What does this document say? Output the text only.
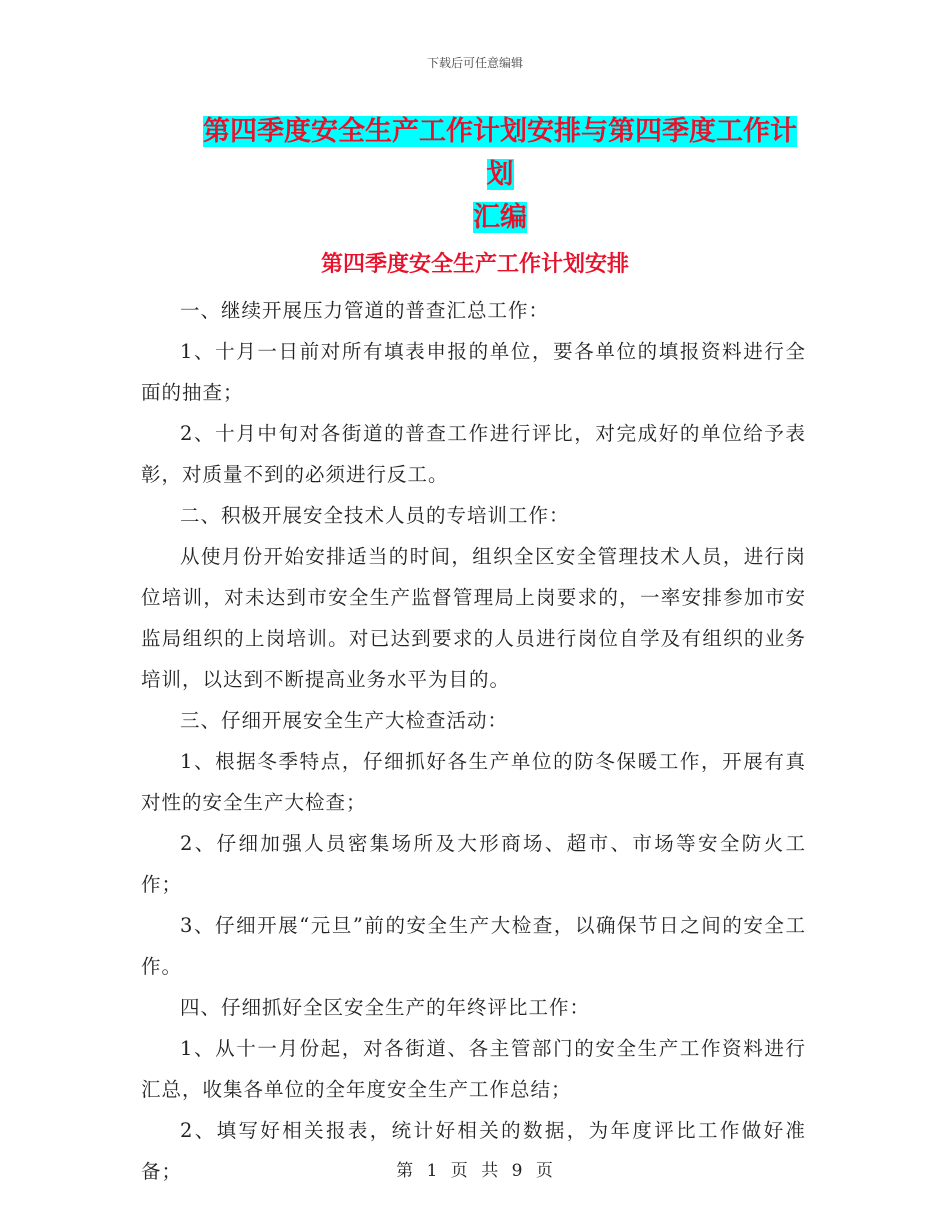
下载后可任意编辑
第四季度安全生产工作计划安排与第四季度工作计划
汇编
第四季度安全生产工作计划安排

一、继续开展压力管道的普查汇总工作：

1、十月一日前对所有填表申报的单位，要各单位的填报资料进行全面的抽查；

2、十月中旬对各街道的普查工作进行评比，对完成好的单位给予表彰，对质量不到的必须进行反工。

二、积极开展安全技术人员的专培训工作：

从使月份开始安排适当的时间，组织全区安全管理技术人员，进行岗位培训，对未达到市安全生产监督管理局上岗要求的，一率安排参加市安监局组织的上岗培训。对已达到要求的人员进行岗位自学及有组织的业务培训，以达到不断提高业务水平为目的。

三、仔细开展安全生产大检查活动：

1、根据冬季特点，仔细抓好各生产单位的防冬保暖工作，开展有真对性的安全生产大检查；

2、仔细加强人员密集场所及大形商场、超市、市场等安全防火工作；

3、仔细开展“元旦”前的安全生产大检查，以确保节日之间的安全工作。

四、仔细抓好全区安全生产的年终评比工作：

1、从十一月份起，对各街道、各主管部门的安全生产工作资料进行汇总，收集各单位的全年度安全生产工作总结；

2、填写好相关报表，统计好相关的数据，为年度评比工作做好准备；	第 1 页 共 9 页
